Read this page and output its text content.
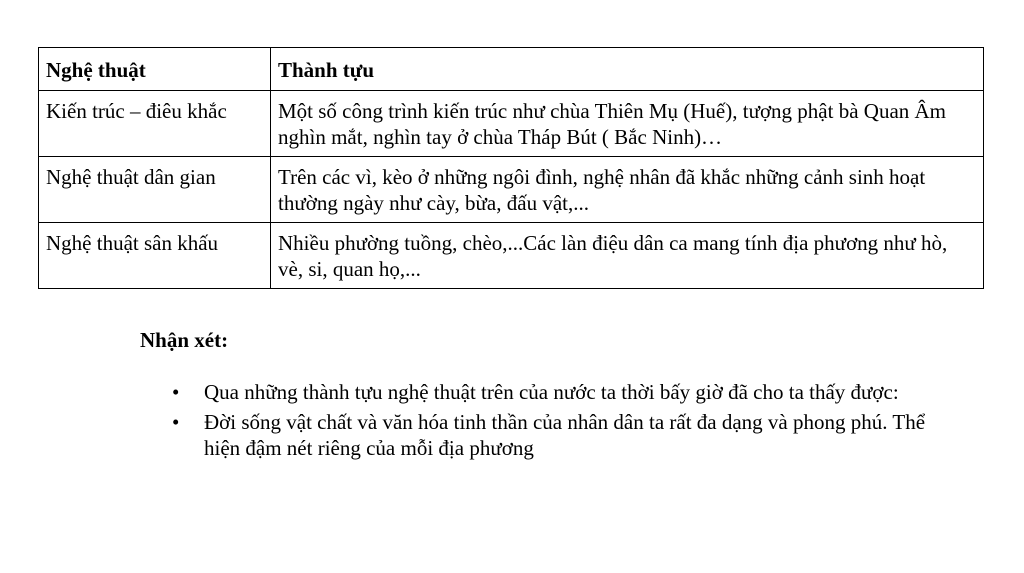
Nghệ thuật	Thành tựu
Kiến trúc – điêu khắc	Một số công trình kiến trúc như chùa Thiên Mụ (Huế), tượng phật bà Quan Âm nghìn mắt, nghìn tay ở chùa Tháp Bút ( Bắc Ninh)…
Nghệ thuật dân gian	Trên các vì, kèo ở những ngôi đình, nghệ nhân đã khắc những cảnh sinh hoạt thường ngày như cày, bừa, đấu vật,...
Nghệ thuật sân khấu	Nhiều phường tuồng, chèo,...Các làn điệu dân ca mang tính địa phương như hò, vè, si, quan họ,...

Nhận xét:

• Qua những thành tựu nghệ thuật trên của nước ta thời bấy giờ đã cho ta thấy được:
• Đời sống vật chất và văn hóa tinh thần của nhân dân ta rất đa dạng và phong phú. Thể hiện đậm nét riêng của mỗi địa phương
